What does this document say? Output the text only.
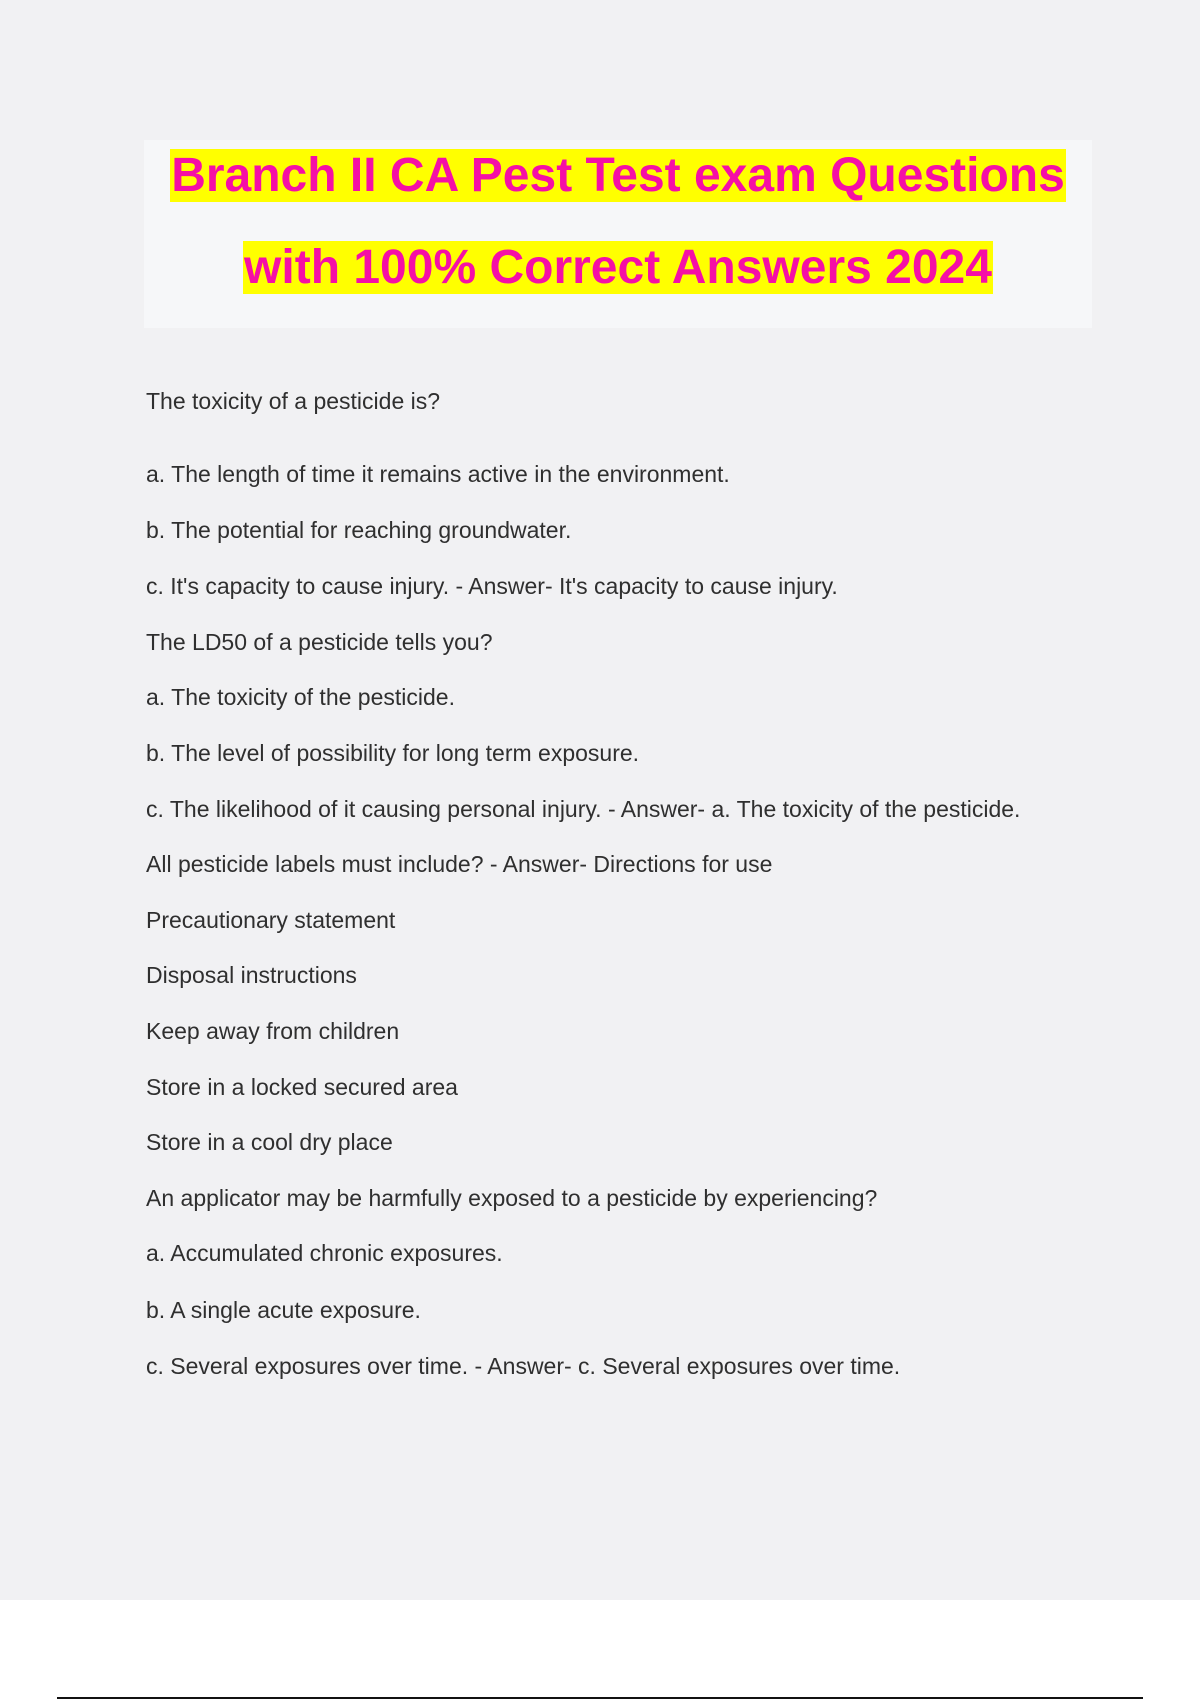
Branch II CA Pest Test exam Questions
with 100% Correct Answers 2024
The toxicity of a pesticide is?
a. The length of time it remains active in the environment.
b. The potential for reaching groundwater.
c. It's capacity to cause injury. - Answer- It's capacity to cause injury.
The LD50 of a pesticide tells you?
a. The toxicity of the pesticide.
b. The level of possibility for long term exposure.
c. The likelihood of it causing personal injury. - Answer- a. The toxicity of the pesticide.
All pesticide labels must include? - Answer- Directions for use
Precautionary statement
Disposal instructions
Keep away from children
Store in a locked secured area
Store in a cool dry place
An applicator may be harmfully exposed to a pesticide by experiencing?
a. Accumulated chronic exposures.
b. A single acute exposure.
c. Several exposures over time. - Answer- c. Several exposures over time.
